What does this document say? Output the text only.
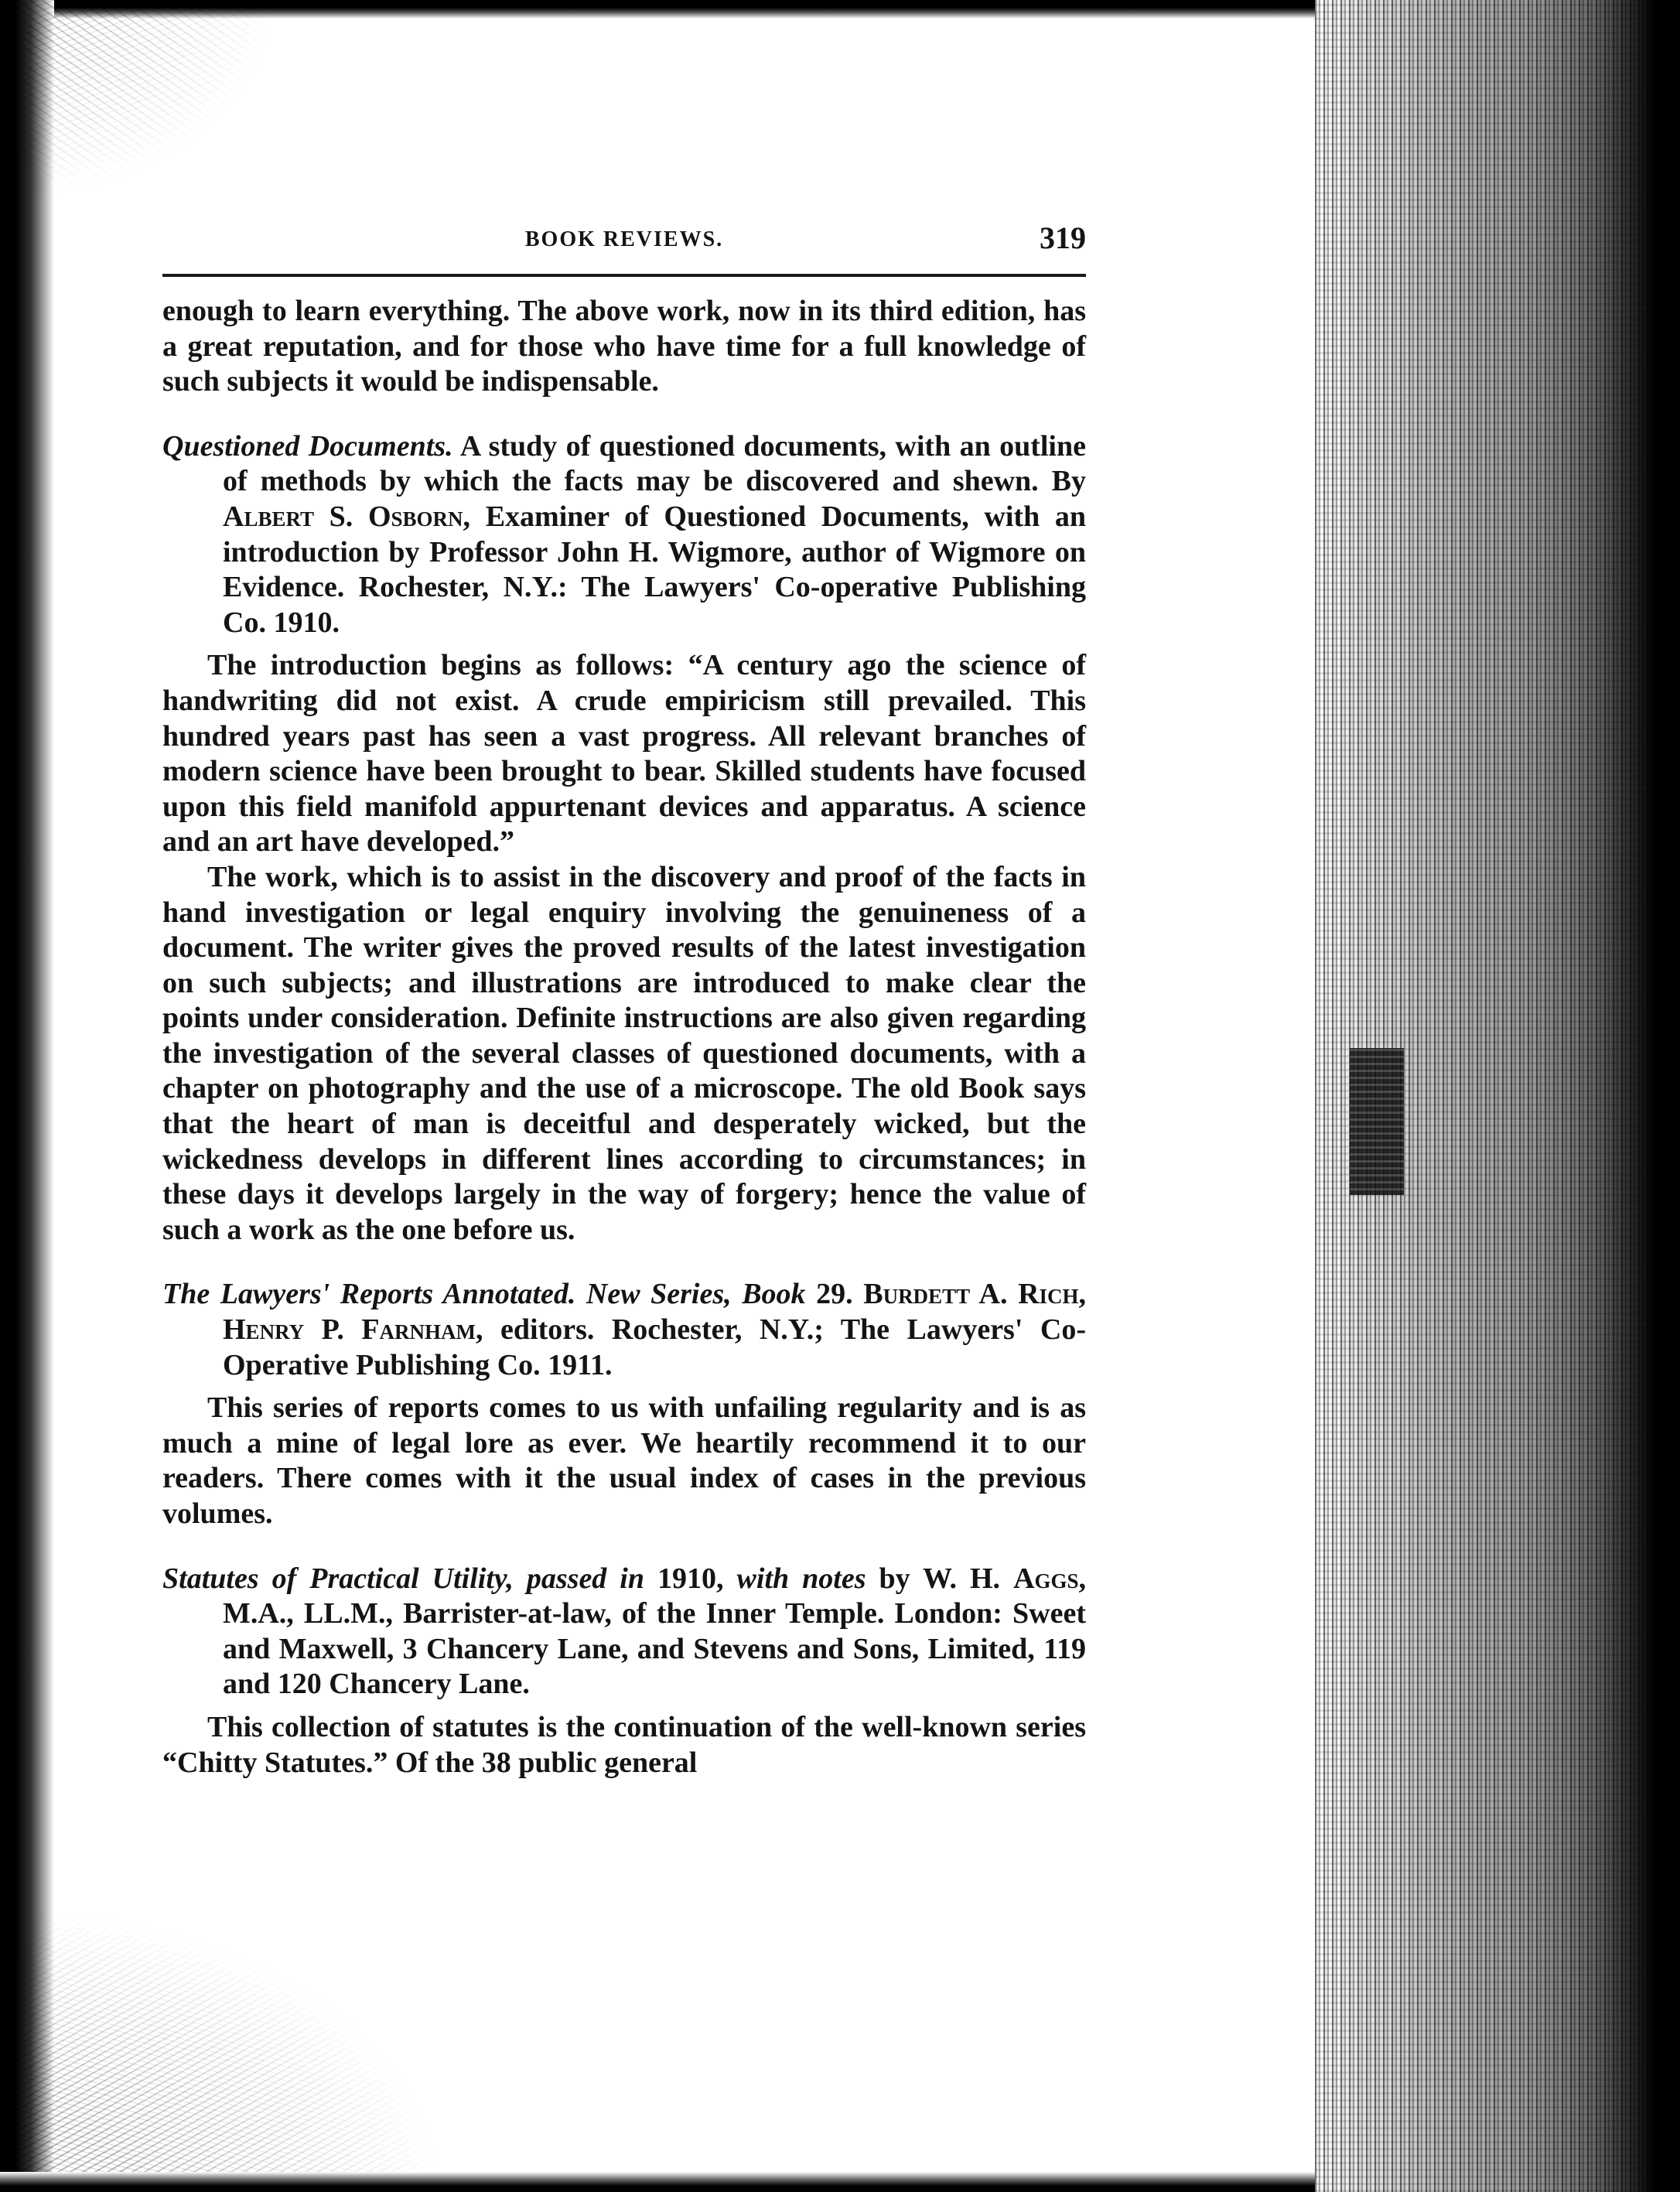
BOOK REVIEWS.	319

enough to learn everything. The above work, now in its third edition, has a great reputation, and for those who have time for a full knowledge of such subjects it would be indispensable.

Questioned Documents. A study of questioned documents, with an outline of methods by which the facts may be discovered and shewn. By Albert S. Osborn, Examiner of Questioned Documents, with an introduction by Professor John H. Wigmore, author of Wigmore on Evidence. Rochester, N.Y.: The Lawyers' Co-operative Publishing Co. 1910.

The introduction begins as follows: “A century ago the science of handwriting did not exist. A crude empiricism still prevailed. This hundred years past has seen a vast progress. All relevant branches of modern science have been brought to bear. Skilled students have focused upon this field manifold appurtenant devices and apparatus. A science and an art have developed.”

The work, which is to assist in the discovery and proof of the facts in hand investigation or legal enquiry involving the genuineness of a document. The writer gives the proved results of the latest investigation on such subjects; and illustrations are introduced to make clear the points under consideration. Definite instructions are also given regarding the investigation of the several classes of questioned documents, with a chapter on photography and the use of a microscope. The old Book says that the heart of man is deceitful and desperately wicked, but the wickedness develops in different lines according to circumstances; in these days it develops largely in the way of forgery; hence the value of such a work as the one before us.

The Lawyers' Reports Annotated. New Series, Book 29. Burdett A. Rich, Henry P. Farnham, editors. Rochester, N.Y.; The Lawyers' Co-Operative Publishing Co. 1911.

This series of reports comes to us with unfailing regularity and is as much a mine of legal lore as ever. We heartily recommend it to our readers. There comes with it the usual index of cases in the previous volumes.

Statutes of Practical Utility, passed in 1910, with notes by W. H. Aggs, M.A., LL.M., Barrister-at-law, of the Inner Temple. London: Sweet and Maxwell, 3 Chancery Lane, and Stevens and Sons, Limited, 119 and 120 Chancery Lane.

This collection of statutes is the continuation of the well-known series “Chitty Statutes.” Of the 38 public general
